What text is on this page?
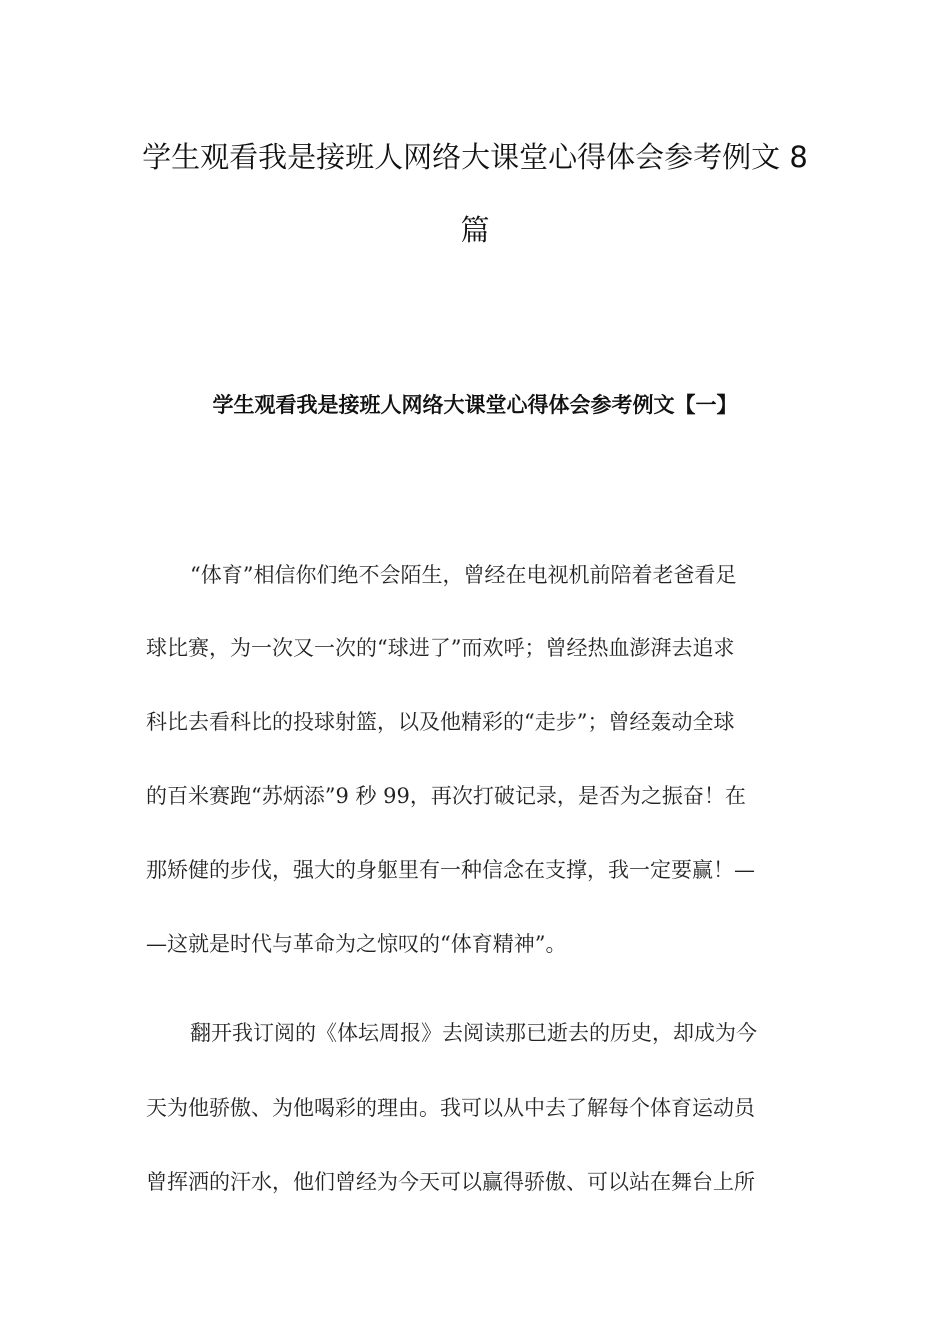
学生观看我是接班人网络大课堂心得体会参考例文 8
篇
学生观看我是接班人网络大课堂心得体会参考例文【一】

“体育”相信你们绝不会陌生，曾经在电视机前陪着老爸看足

球比赛，为一次又一次的“球进了”而欢呼；曾经热血澎湃去追求

科比去看科比的投球射篮，以及他精彩的“走步”；曾经轰动全球

的百米赛跑“苏炳添”9 秒 99，再次打破记录，是否为之振奋！在

那矫健的步伐，强大的身躯里有一种信念在支撑，我一定要赢！—

—这就是时代与革命为之惊叹的“体育精神”。

翻开我订阅的《体坛周报》去阅读那已逝去的历史，却成为今

天为他骄傲、为他喝彩的理由。我可以从中去了解每个体育运动员

曾挥洒的汗水，他们曾经为今天可以赢得骄傲、可以站在舞台上所
